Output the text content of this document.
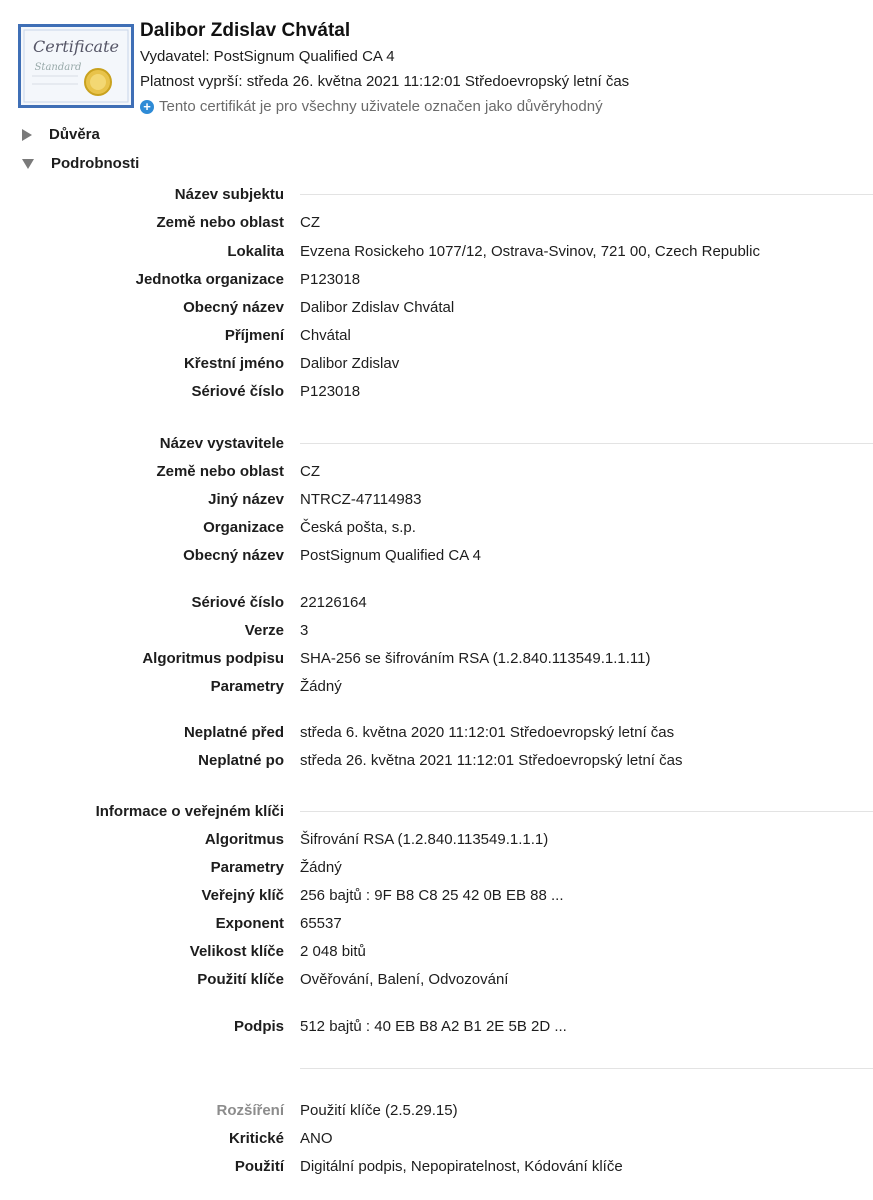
Certificate
Standard
Dalibor Zdislav Chvátal
Vydavatel: PostSignum Qualified CA 4
Platnost vyprší: středa 26. května 2021 11:12:01 Středoevropský letní čas
+ Tento certifikát je pro všechny uživatele označen jako důvěryhodný
Důvěra
Podrobnosti
Název subjektu
Země nebo oblast CZ
Lokalita Evzena Rosickeho 1077/12, Ostrava-Svinov, 721 00, Czech Republic
Jednotka organizace P123018
Obecný název Dalibor Zdislav Chvátal
Příjmení Chvátal
Křestní jméno Dalibor Zdislav
Sériové číslo P123018
Název vystavitele
Země nebo oblast CZ
Jiný název NTRCZ-47114983
Organizace Česká pošta, s.p.
Obecný název PostSignum Qualified CA 4
Sériové číslo 22126164
Verze 3
Algoritmus podpisu SHA-256 se šifrováním RSA (1.2.840.113549.1.1.11)
Parametry Žádný
Neplatné před středa 6. května 2020 11:12:01 Středoevropský letní čas
Neplatné po středa 26. května 2021 11:12:01 Středoevropský letní čas
Informace o veřejném klíči
Algoritmus Šifrování RSA (1.2.840.113549.1.1.1)
Parametry Žádný
Veřejný klíč 256 bajtů : 9F B8 C8 25 42 0B EB 88 ...
Exponent 65537
Velikost klíče 2 048 bitů
Použití klíče Ověřování, Balení, Odvozování
Podpis 512 bajtů : 40 EB B8 A2 B1 2E 5B 2D ...
Rozšíření Použití klíče (2.5.29.15)
Kritické ANO
Použití Digitální podpis, Nepopiratelnost, Kódování klíče
